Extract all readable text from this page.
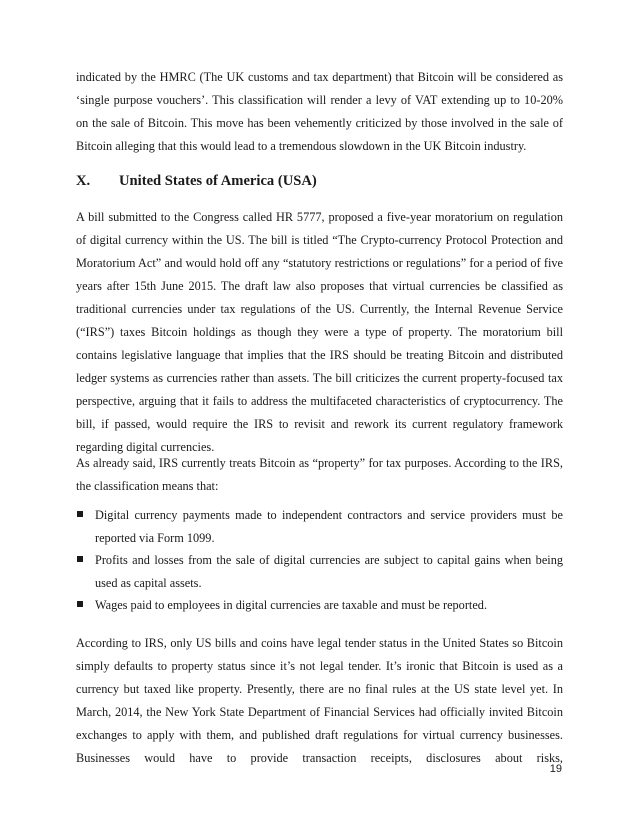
indicated by the HMRC (The UK customs and tax department) that Bitcoin will be considered as ‘single purpose vouchers’. This classification will render a levy of VAT extending up to 10-20% on the sale of Bitcoin. This move has been vehemently criticized by those involved in the sale of Bitcoin alleging that this would lead to a tremendous slowdown in the UK Bitcoin industry.

X. United States of America (USA)

A bill submitted to the Congress called HR 5777, proposed a five-year moratorium on regulation of digital currency within the US. The bill is titled “The Crypto-currency Protocol Protection and Moratorium Act” and would hold off any “statutory restrictions or regulations” for a period of five years after 15th June 2015. The draft law also proposes that virtual currencies be classified as traditional currencies under tax regulations of the US. Currently, the Internal Revenue Service (“IRS”) taxes Bitcoin holdings as though they were a type of property. The moratorium bill contains legislative language that implies that the IRS should be treating Bitcoin and distributed ledger systems as currencies rather than assets. The bill criticizes the current property-focused tax perspective, arguing that it fails to address the multifaceted characteristics of cryptocurrency. The bill, if passed, would require the IRS to revisit and rework its current regulatory framework regarding digital currencies.

As already said, IRS currently treats Bitcoin as “property” for tax purposes. According to the IRS, the classification means that:

Digital currency payments made to independent contractors and service providers must be reported via Form 1099.
Profits and losses from the sale of digital currencies are subject to capital gains when being used as capital assets.
Wages paid to employees in digital currencies are taxable and must be reported.

According to IRS, only US bills and coins have legal tender status in the United States so Bitcoin simply defaults to property status since it’s not legal tender. It’s ironic that Bitcoin is used as a currency but taxed like property. Presently, there are no final rules at the US state level yet. In March, 2014, the New York State Department of Financial Services had officially invited Bitcoin exchanges to apply with them, and published draft regulations for virtual currency businesses. Businesses would have to provide transaction receipts, disclosures about risks,

19
